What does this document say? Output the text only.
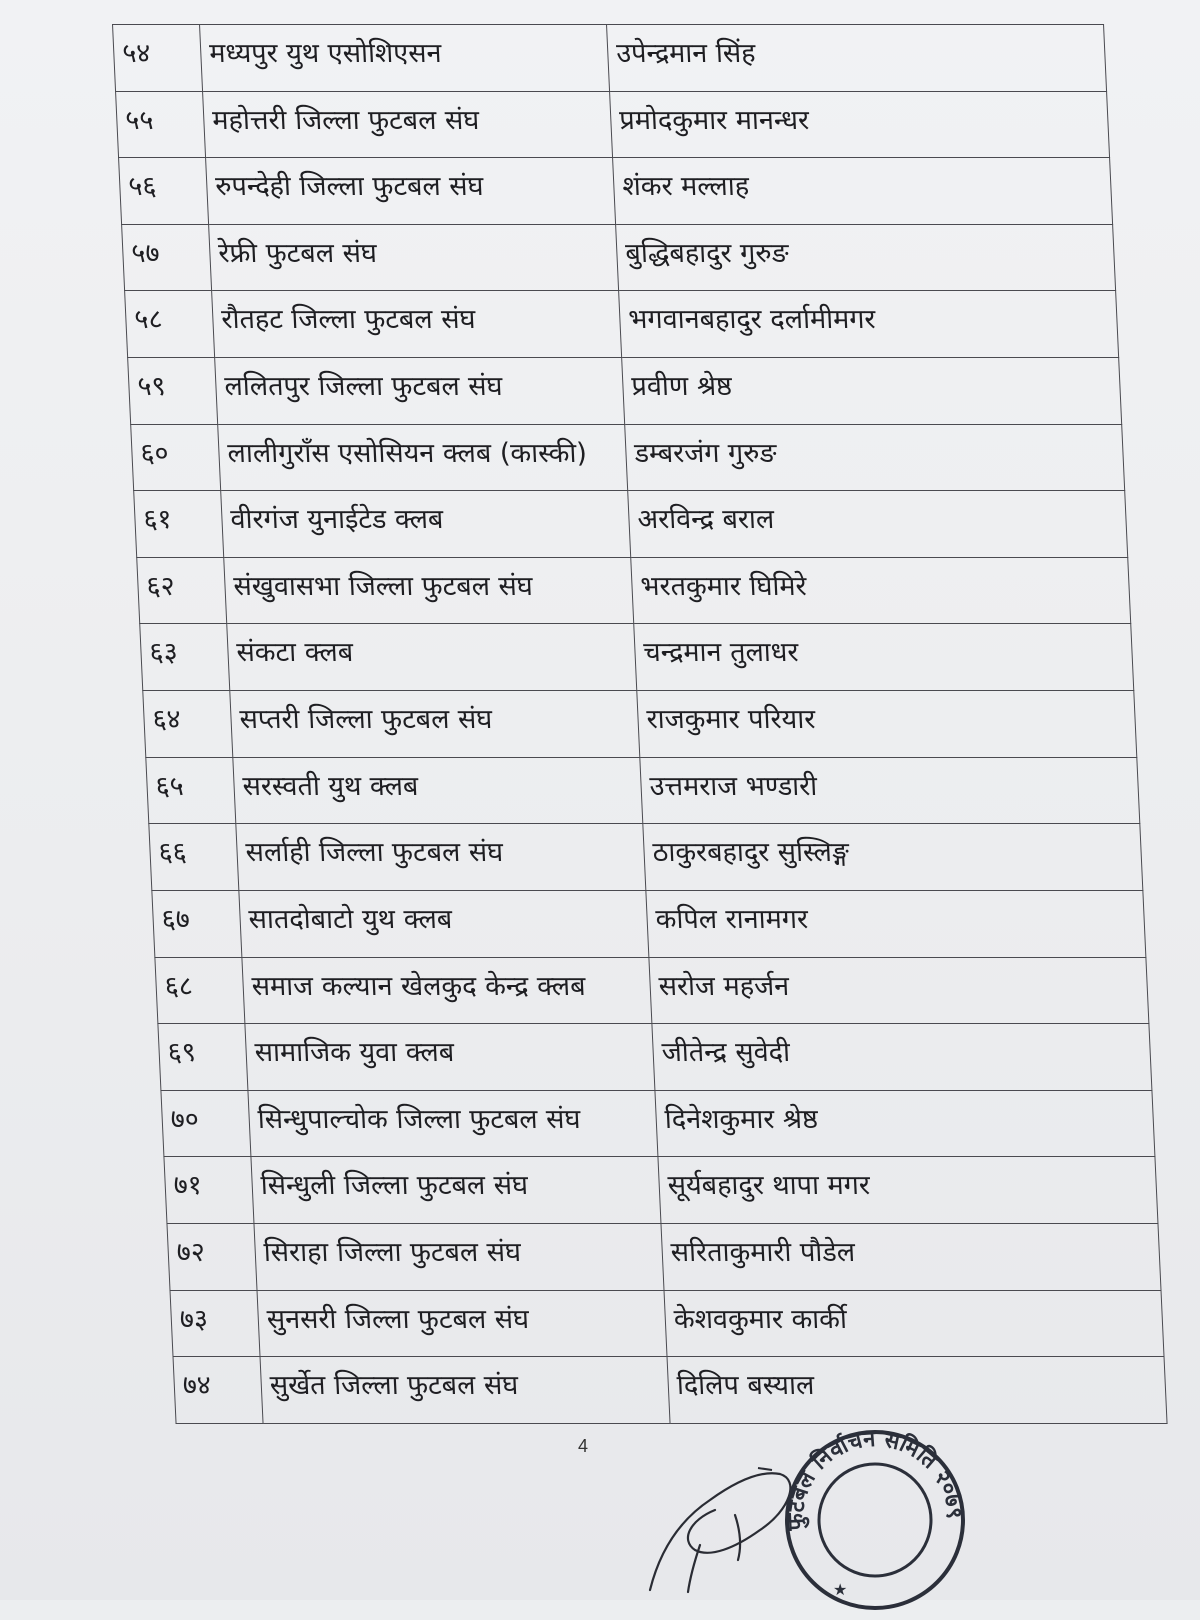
५४	मध्यपुर युथ एसोशिएसन	उपेन्द्रमान सिंह
५५	महोत्तरी जिल्ला फुटबल संघ	प्रमोदकुमार मानन्धर
५६	रुपन्देही जिल्ला फुटबल संघ	शंकर मल्लाह
५७	रेफ्री फुटबल संघ	बुद्धिबहादुर गुरुङ
५८	रौतहट जिल्ला फुटबल संघ	भगवानबहादुर दर्लामीमगर
५९	ललितपुर जिल्ला फुटबल संघ	प्रवीण श्रेष्ठ
६०	लालीगुराँस एसोसियन क्लब (कास्की)	डम्बरजंग गुरुङ
६१	वीरगंज युनाईटेड क्लब	अरविन्द्र बराल
६२	संखुवासभा जिल्ला फुटबल संघ	भरतकुमार घिमिरे
६३	संकटा क्लब	चन्द्रमान तुलाधर
६४	सप्तरी जिल्ला फुटबल संघ	राजकुमार परियार
६५	सरस्वती युथ क्लब	उत्तमराज भण्डारी
६६	सर्लाही जिल्ला फुटबल संघ	ठाकुरबहादुर सुस्लिङ्ग
६७	सातदोबाटो युथ क्लब	कपिल रानामगर
६८	समाज कल्यान खेलकुद केन्द्र क्लब	सरोज महर्जन
६९	सामाजिक युवा क्लब	जीतेन्द्र सुवेदी
७०	सिन्धुपाल्चोक जिल्ला फुटबल संघ	दिनेशकुमार श्रेष्ठ
७१	सिन्धुली जिल्ला फुटबल संघ	सूर्यबहादुर थापा मगर
७२	सिराहा जिल्ला फुटबल संघ	सरिताकुमारी पौडेल
७३	सुनसरी जिल्ला फुटबल संघ	केशवकुमार कार्की
७४	सुर्खेत जिल्ला फुटबल संघ	दिलिप बस्याल
4
फुटबल निर्वाचन समिति २०७९
★
